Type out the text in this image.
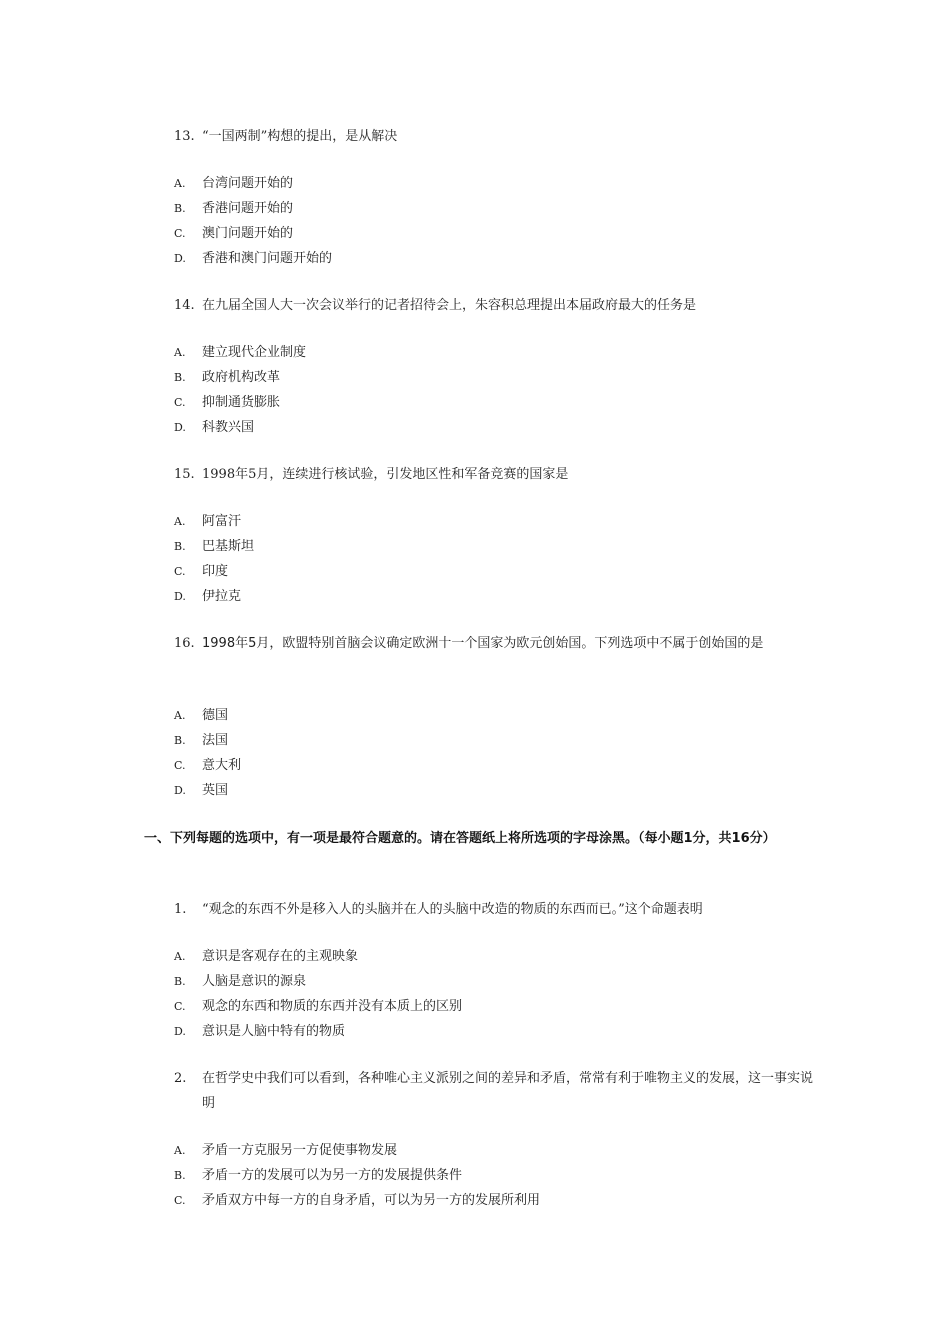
13. “一国两制”构想的提出，是从解决
A.	台湾问题开始的
B.	香港问题开始的
C.	澳门问题开始的
D.	香港和澳门问题开始的
14. 在九届全国人大一次会议举行的记者招待会上，朱容积总理提出本届政府最大的任务是
A.	建立现代企业制度
B.	政府机构改革
C.	抑制通货膨胀
D.	科教兴国
15. 1998年5月，连续进行核试验，引发地区性和军备竞赛的国家是
A.	阿富汗
B.	巴基斯坦
C.	印度
D.	伊拉克
16. 1998年5月，欧盟特别首脑会议确定欧洲十一个国家为欧元创始国。下列选项中不属于创始国的是
A.	德国
B.	法国
C.	意大利
D.	英国
一、下列每题的选项中，有一项是最符合题意的。请在答题纸上将所选项的字母涂黑。（每小题1分，共16分）
1.	“观念的东西不外是移入人的头脑并在人的头脑中改造的物质的东西而已。”这个命题表明
A.	意识是客观存在的主观映象
B.	人脑是意识的源泉
C.	观念的东西和物质的东西并没有本质上的区别
D.	意识是人脑中特有的物质
2.	在哲学史中我们可以看到，各种唯心主义派别之间的差异和矛盾，常常有利于唯物主义的发展，这一事实说明
A.	矛盾一方克服另一方促使事物发展
B.	矛盾一方的发展可以为另一方的发展提供条件
C.	矛盾双方中每一方的自身矛盾，可以为另一方的发展所利用
